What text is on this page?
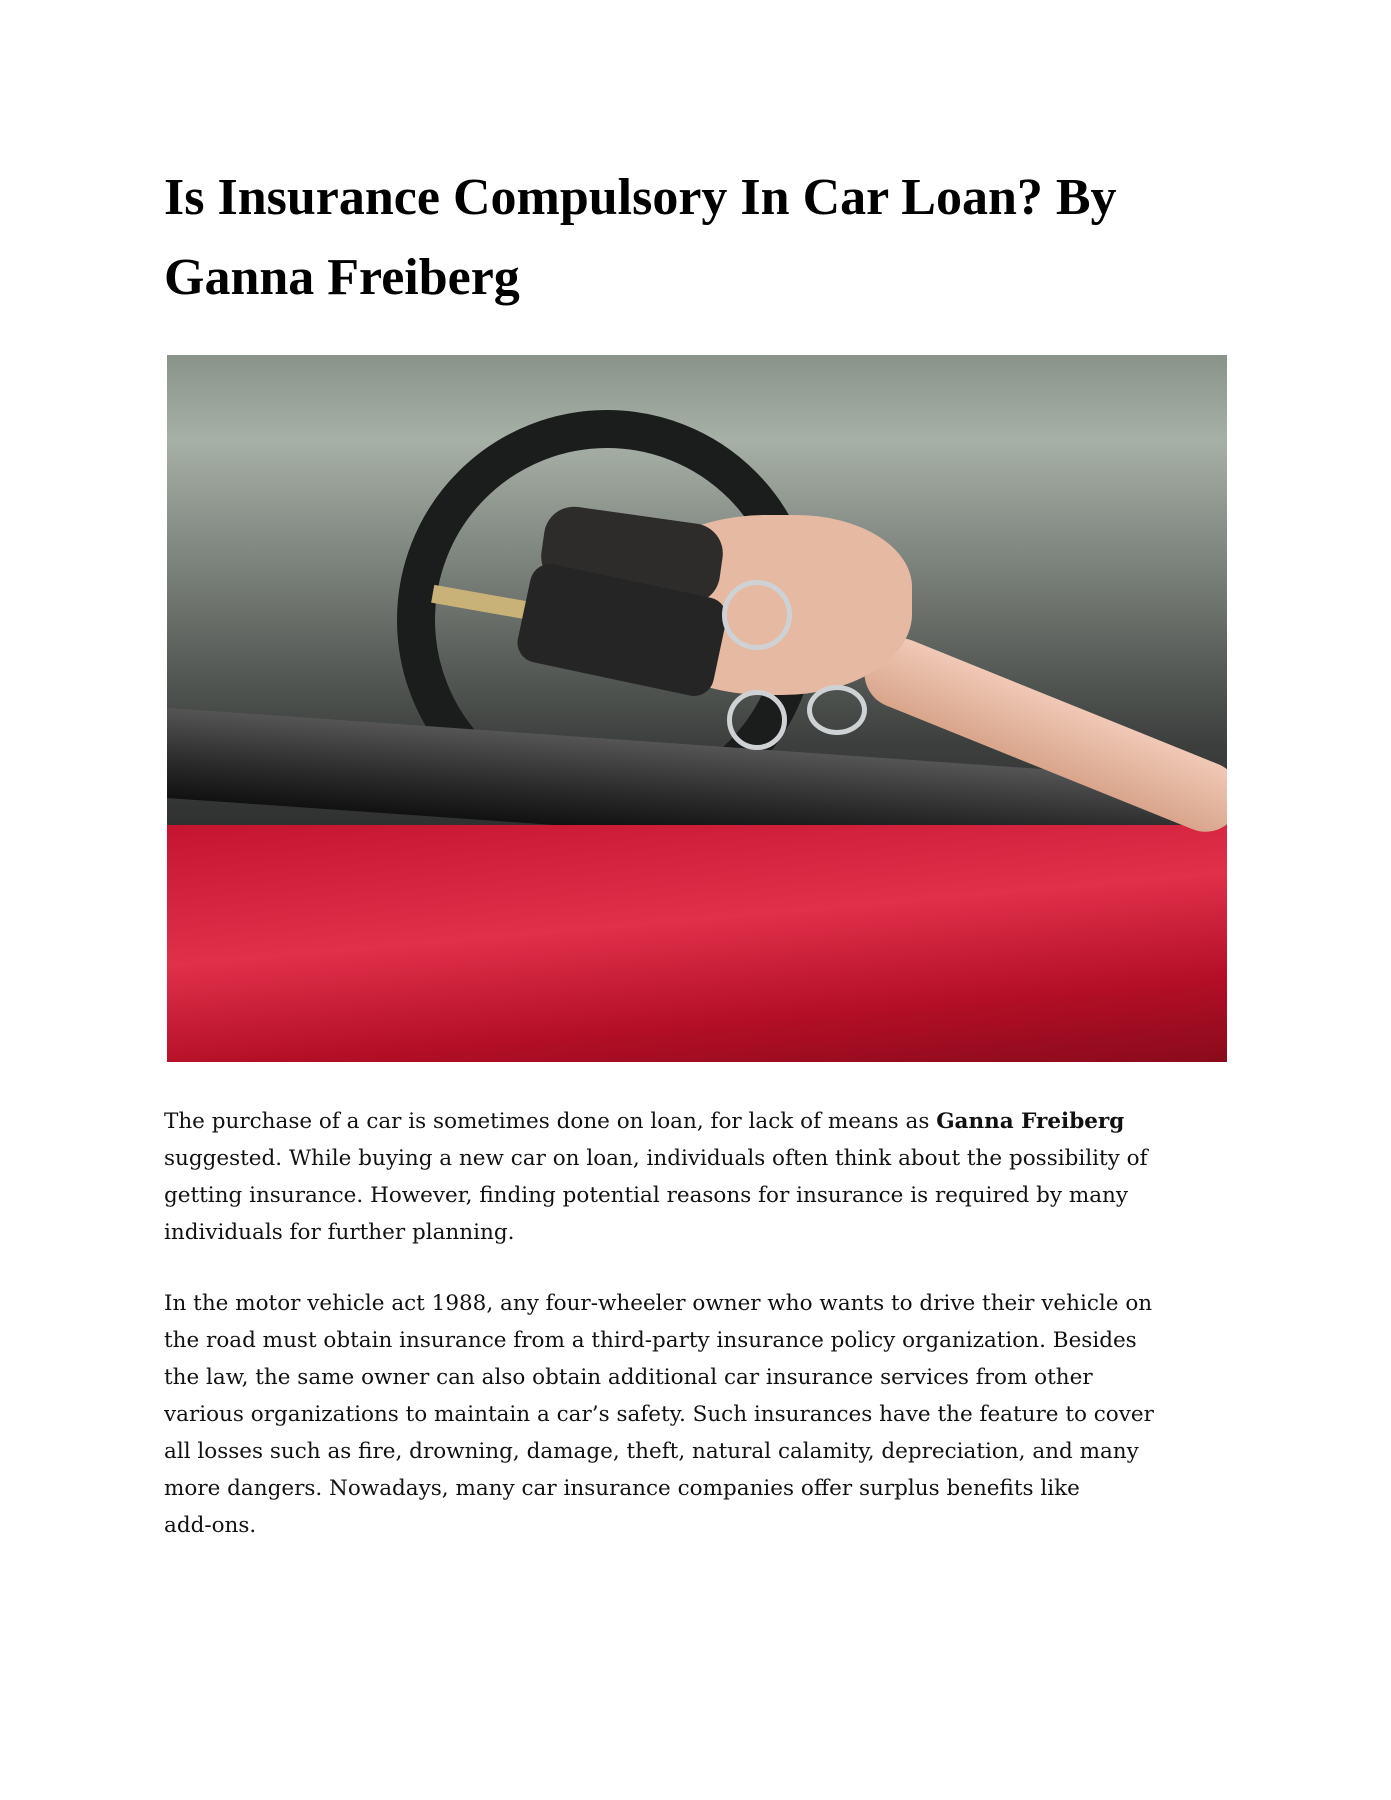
Is Insurance Compulsory In Car Loan? By
Ganna Freiberg

The purchase of a car is sometimes done on loan, for lack of means as Ganna Freiberg
suggested. While buying a new car on loan, individuals often think about the possibility of
getting insurance. However, finding potential reasons for insurance is required by many
individuals for further planning.

In the motor vehicle act 1988, any four-wheeler owner who wants to drive their vehicle on
the road must obtain insurance from a third-party insurance policy organization. Besides
the law, the same owner can also obtain additional car insurance services from other
various organizations to maintain a car’s safety. Such insurances have the feature to cover
all losses such as fire, drowning, damage, theft, natural calamity, depreciation, and many
more dangers. Nowadays, many car insurance companies offer surplus benefits like
add-ons.
